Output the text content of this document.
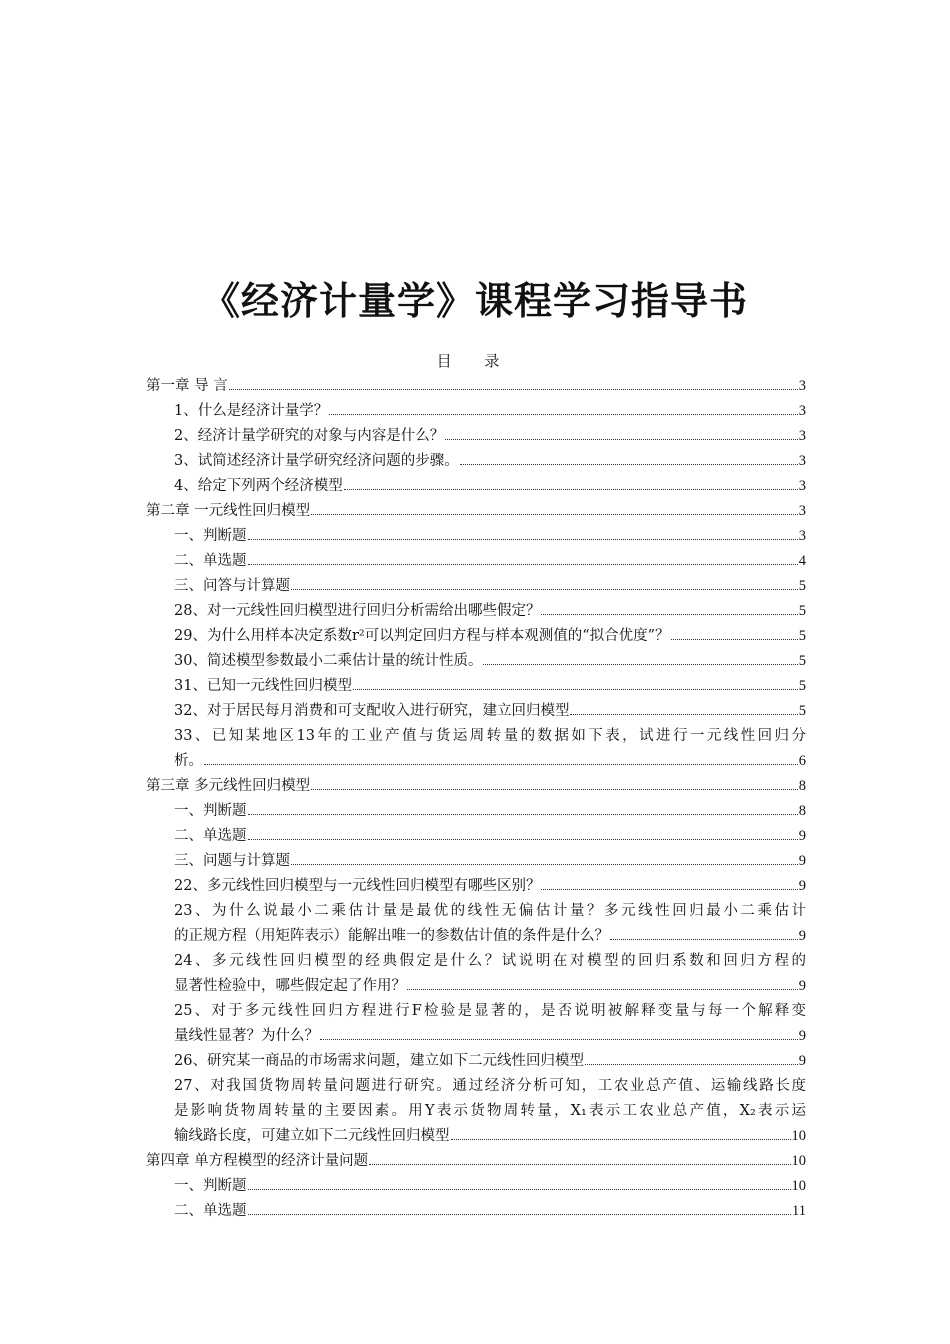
《经济计量学》课程学习指导书
目 录
第一章 导 言	3
1、什么是经济计量学？	3
2、经济计量学研究的对象与内容是什么？	3
3、试简述经济计量学研究经济问题的步骤。	3
4、给定下列两个经济模型	3
第二章 一元线性回归模型	3
一、判断题	3
二、单选题	4
三、问答与计算题	5
28、对一元线性回归模型进行回归分析需给出哪些假定？	5
29、为什么用样本决定系数r²可以判定回归方程与样本观测值的“拟合优度”？	5
30、简述模型参数最小二乘估计量的统计性质。	5
31、已知一元线性回归模型	5
32、对于居民每月消费和可支配收入进行研究，建立回归模型	5
33、已知某地区13年的工业产值与货运周转量的数据如下表，试进行一元线性回归分
析。	6
第三章 多元线性回归模型	8
一、判断题	8
二、单选题	9
三、问题与计算题	9
22、多元线性回归模型与一元线性回归模型有哪些区别？	9
23、为什么说最小二乘估计量是最优的线性无偏估计量？多元线性回归最小二乘估计
的正规方程（用矩阵表示）能解出唯一的参数估计值的条件是什么？	9
24、多元线性回归模型的经典假定是什么？试说明在对模型的回归系数和回归方程的
显著性检验中，哪些假定起了作用？	9
25、对于多元线性回归方程进行F检验是显著的，是否说明被解释变量与每一个解释变
量线性显著？为什么？	9
26、研究某一商品的市场需求问题，建立如下二元线性回归模型	9
27、对我国货物周转量问题进行研究。通过经济分析可知，工农业总产值、运输线路长度
是影响货物周转量的主要因素。用Y表示货物周转量，X₁表示工农业总产值，X₂表示运
输线路长度，可建立如下二元线性回归模型	10
第四章 单方程模型的经济计量问题	10
一、判断题	10
二、单选题	11
